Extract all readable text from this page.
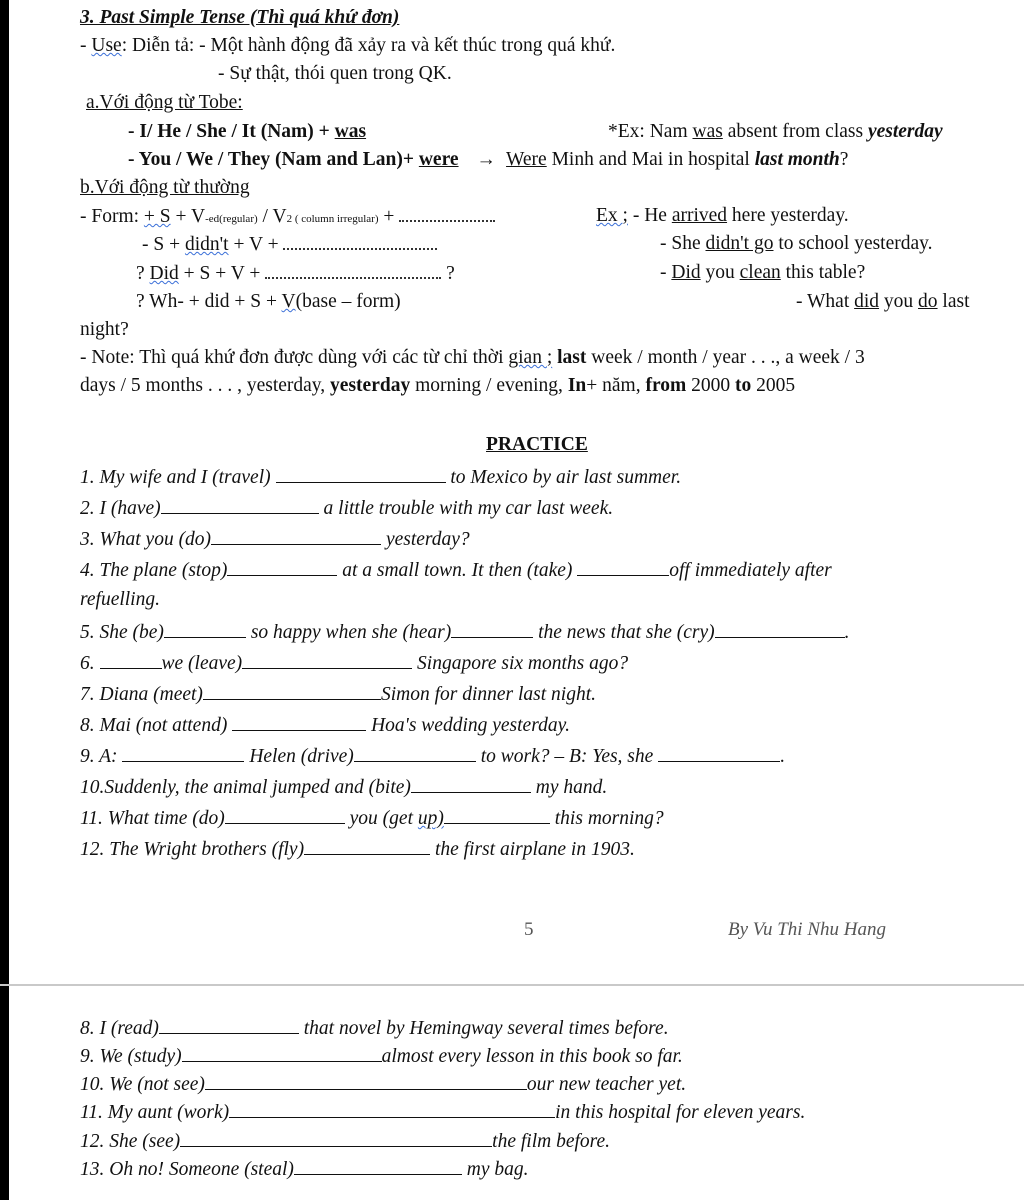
3. Past Simple Tense (Thì quá khứ đơn)
- Use: Diễn tả: - Một hành động đã xảy ra và kết thúc trong quá khứ.
- Sự thật, thói quen trong QK.
a.Với động từ Tobe:
- I/ He / She / It (Nam) + was	*Ex: Nam was absent from class yesterday
- You / We / They (Nam and Lan)+ were → Were Minh and Mai in hospital last month?
b.Với động từ thường
- Form: + S + V-ed(regular) / V2 ( column irregular) +	Ex ; - He arrived here yesterday.
- S + didn't + V +	- She didn't go to school yesterday.
? Did + S + V +	?	- Did you clean this table?
? Wh- + did + S + V(base – form)	- What did you do last
night?
- Note: Thì quá khứ đơn được dùng với các từ chỉ thời gian ; last week / month / year . . ., a week / 3
days / 5 months . . . , yesterday, yesterday morning / evening, In+ năm, from 2000 to 2005
PRACTICE
1. My wife and I (travel)	to Mexico by air last summer.
2. I (have)	a little trouble with my car last week.
3. What you (do)	yesterday?
4. The plane (stop)	at a small town. It then (take)	off immediately after
refuelling.
5. She (be)	so happy when she (hear)	the news that she (cry)	.
6.	we (leave)	Singapore six months ago?
7. Diana (meet)	Simon for dinner last night.
8. Mai (not attend)	Hoa's wedding yesterday.
9. A:	Helen (drive)	to work? – B: Yes, she	.
10.Suddenly, the animal jumped and (bite)	my hand.
11. What time (do)	you (get up)	this morning?
12. The Wright brothers (fly)	the first airplane in 1903.
5	By Vu Thi Nhu Hang
8. I (read)	that novel by Hemingway several times before.
9. We (study)	almost every lesson in this book so far.
10. We (not see)	our new teacher yet.
11. My aunt (work)	in this hospital for eleven years.
12. She (see)	the film before.
13. Oh no! Someone (steal)	my bag.
